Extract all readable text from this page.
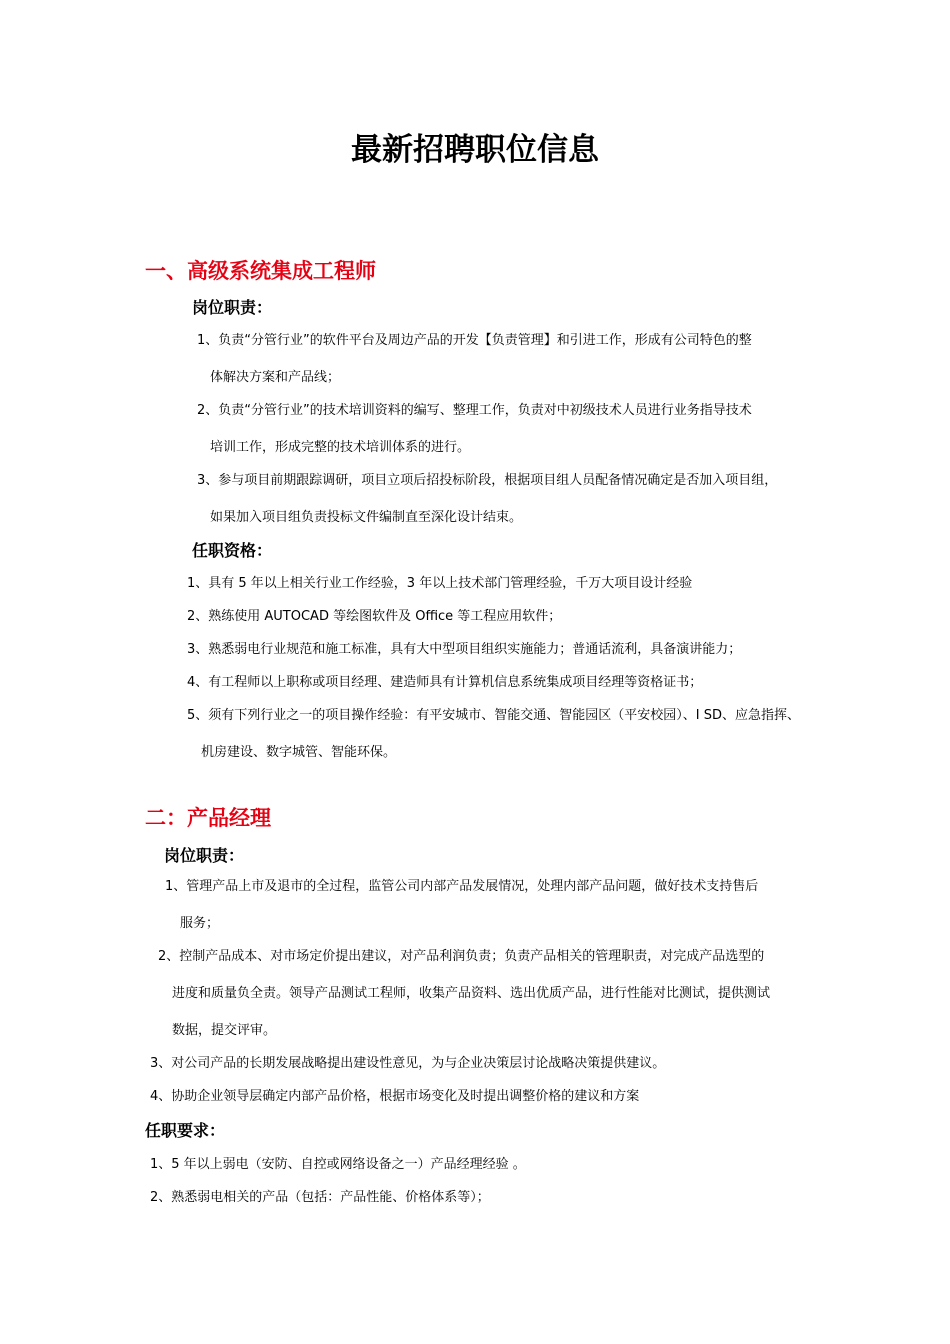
最新招聘职位信息
一、高级系统集成工程师
岗位职责：
1、负责“分管行业”的软件平台及周边产品的开发【负责管理】和引进工作，形成有公司特色的整
体解决方案和产品线；
2、负责“分管行业”的技术培训资料的编写、整理工作，负责对中初级技术人员进行业务指导技术
培训工作，形成完整的技术培训体系的进行。
3、参与项目前期跟踪调研，项目立项后招投标阶段，根据项目组人员配备情况确定是否加入项目组，
如果加入项目组负责投标文件编制直至深化设计结束。
任职资格：
1、具有 5 年以上相关行业工作经验，3 年以上技术部门管理经验，千万大项目设计经验
2、熟练使用 AUTOCAD 等绘图软件及 Office 等工程应用软件；
3、熟悉弱电行业规范和施工标准，具有大中型项目组织实施能力；普通话流利，具备演讲能力；
4、有工程师以上职称或项目经理、建造师具有计算机信息系统集成项目经理等资格证书；
5、须有下列行业之一的项目操作经验：有平安城市、智能交通、智能园区（平安校园）、I SD、应急指挥、
机房建设、数字城管、智能环保。
二：产品经理
岗位职责：
1、管理产品上市及退市的全过程，监管公司内部产品发展情况，处理内部产品问题，做好技术支持售后
服务；
2、控制产品成本、对市场定价提出建议，对产品利润负责；负责产品相关的管理职责，对完成产品选型的
进度和质量负全责。领导产品测试工程师，收集产品资料、选出优质产品，进行性能对比测试，提供测试
数据，提交评审。
3、对公司产品的长期发展战略提出建设性意见，为与企业决策层讨论战略决策提供建议。
4、协助企业领导层确定内部产品价格，根据市场变化及时提出调整价格的建议和方案
任职要求：
1、5 年以上弱电（安防、自控或网络设备之一）产品经理经验 。
2、熟悉弱电相关的产品（包括：产品性能、价格体系等）；
